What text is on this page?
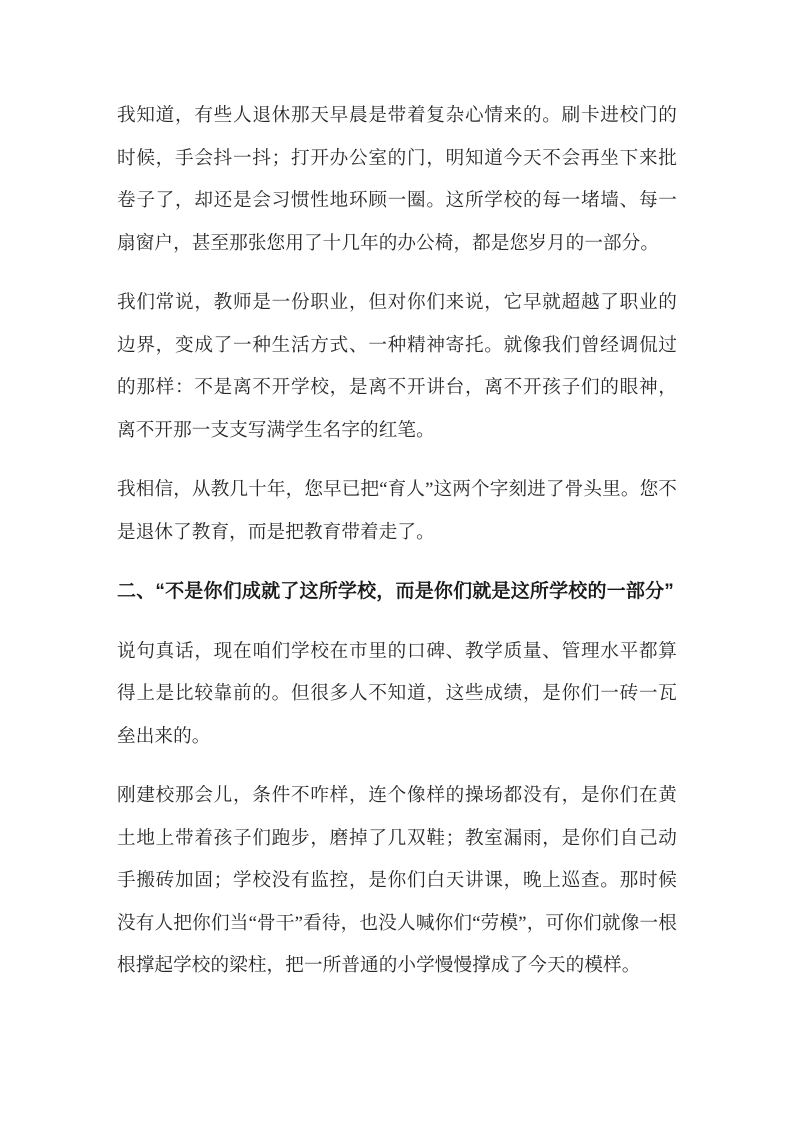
我知道，有些人退休那天早晨是带着复杂心情来的。刷卡进校门的时候，手会抖一抖；打开办公室的门，明知道今天不会再坐下来批卷子了，却还是会习惯性地环顾一圈。这所学校的每一堵墙、每一扇窗户，甚至那张您用了十几年的办公椅，都是您岁月的一部分。

我们常说，教师是一份职业，但对你们来说，它早就超越了职业的边界，变成了一种生活方式、一种精神寄托。就像我们曾经调侃过的那样：不是离不开学校，是离不开讲台，离不开孩子们的眼神，离不开那一支支写满学生名字的红笔。

我相信，从教几十年，您早已把“育人”这两个字刻进了骨头里。您不是退休了教育，而是把教育带着走了。

二、“不是你们成就了这所学校，而是你们就是这所学校的一部分”

说句真话，现在咱们学校在市里的口碑、教学质量、管理水平都算得上是比较靠前的。但很多人不知道，这些成绩，是你们一砖一瓦垒出来的。

刚建校那会儿，条件不咋样，连个像样的操场都没有，是你们在黄土地上带着孩子们跑步，磨掉了几双鞋；教室漏雨，是你们自己动手搬砖加固；学校没有监控，是你们白天讲课，晚上巡查。那时候没有人把你们当“骨干”看待，也没人喊你们“劳模”，可你们就像一根根撑起学校的梁柱，把一所普通的小学慢慢撑成了今天的模样。
